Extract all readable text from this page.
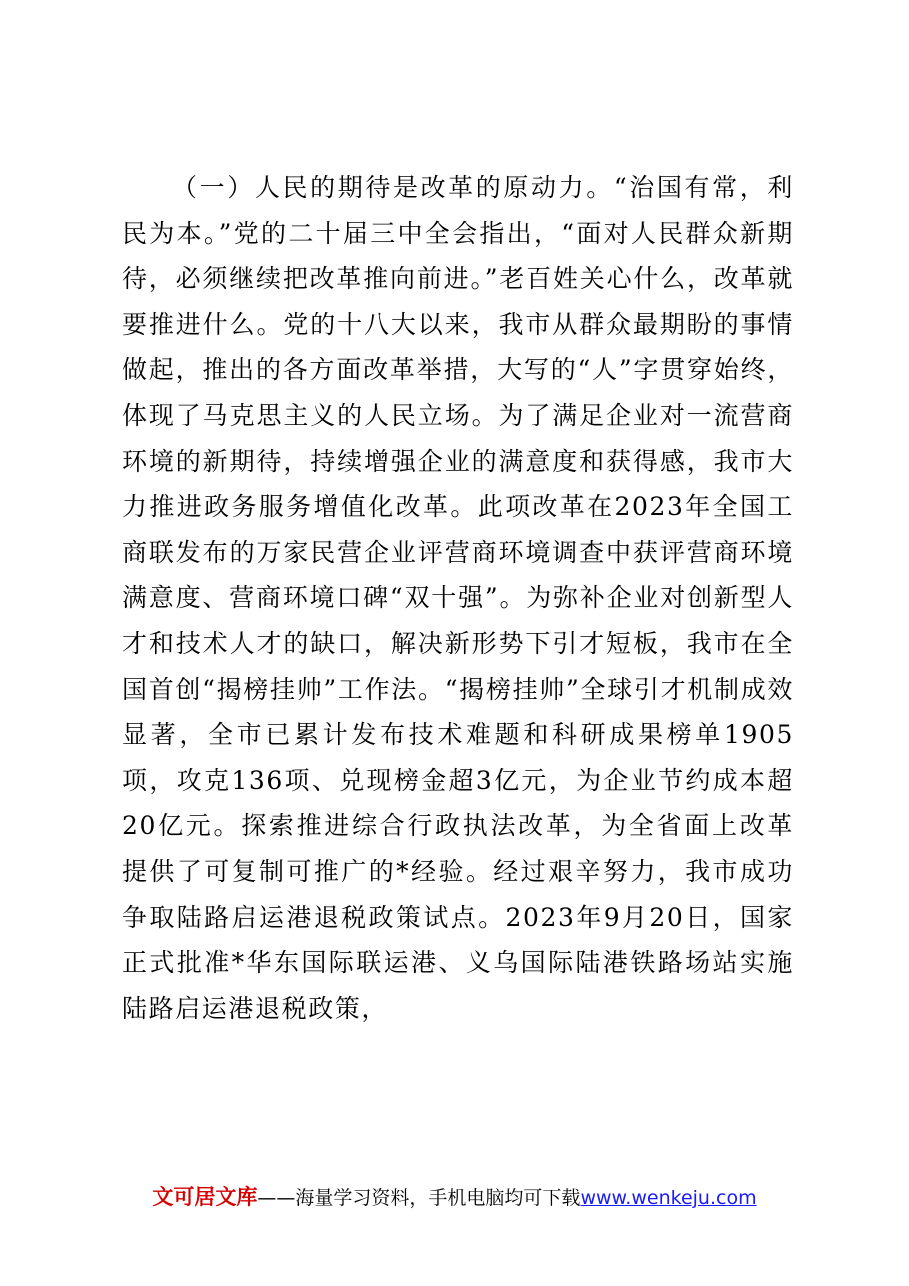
（一）人民的期待是改革的原动力。“治国有常，利民为本。”党的二十届三中全会指出，“面对人民群众新期待，必须继续把改革推向前进。”老百姓关心什么，改革就要推进什么。党的十八大以来，我市从群众最期盼的事情做起，推出的各方面改革举措，大写的“人”字贯穿始终，体现了马克思主义的人民立场。为了满足企业对一流营商环境的新期待，持续增强企业的满意度和获得感，我市大力推进政务服务增值化改革。此项改革在2023年全国工商联发布的万家民营企业评营商环境调查中获评营商环境满意度、营商环境口碑“双十强”。为弥补企业对创新型人才和技术人才的缺口，解决新形势下引才短板，我市在全国首创“揭榜挂帅”工作法。“揭榜挂帅”全球引才机制成效显著，全市已累计发布技术难题和科研成果榜单1905项，攻克136项、兑现榜金超3亿元，为企业节约成本超20亿元。探索推进综合行政执法改革，为全省面上改革提供了可复制可推广的*经验。经过艰辛努力，我市成功争取陆路启运港退税政策试点。2023年9月20日，国家正式批准*华东国际联运港、义乌国际陆港铁路场站实施陆路启运港退税政策，

文可居文库——海量学习资料，手机电脑均可下载www.wenkeju.com
